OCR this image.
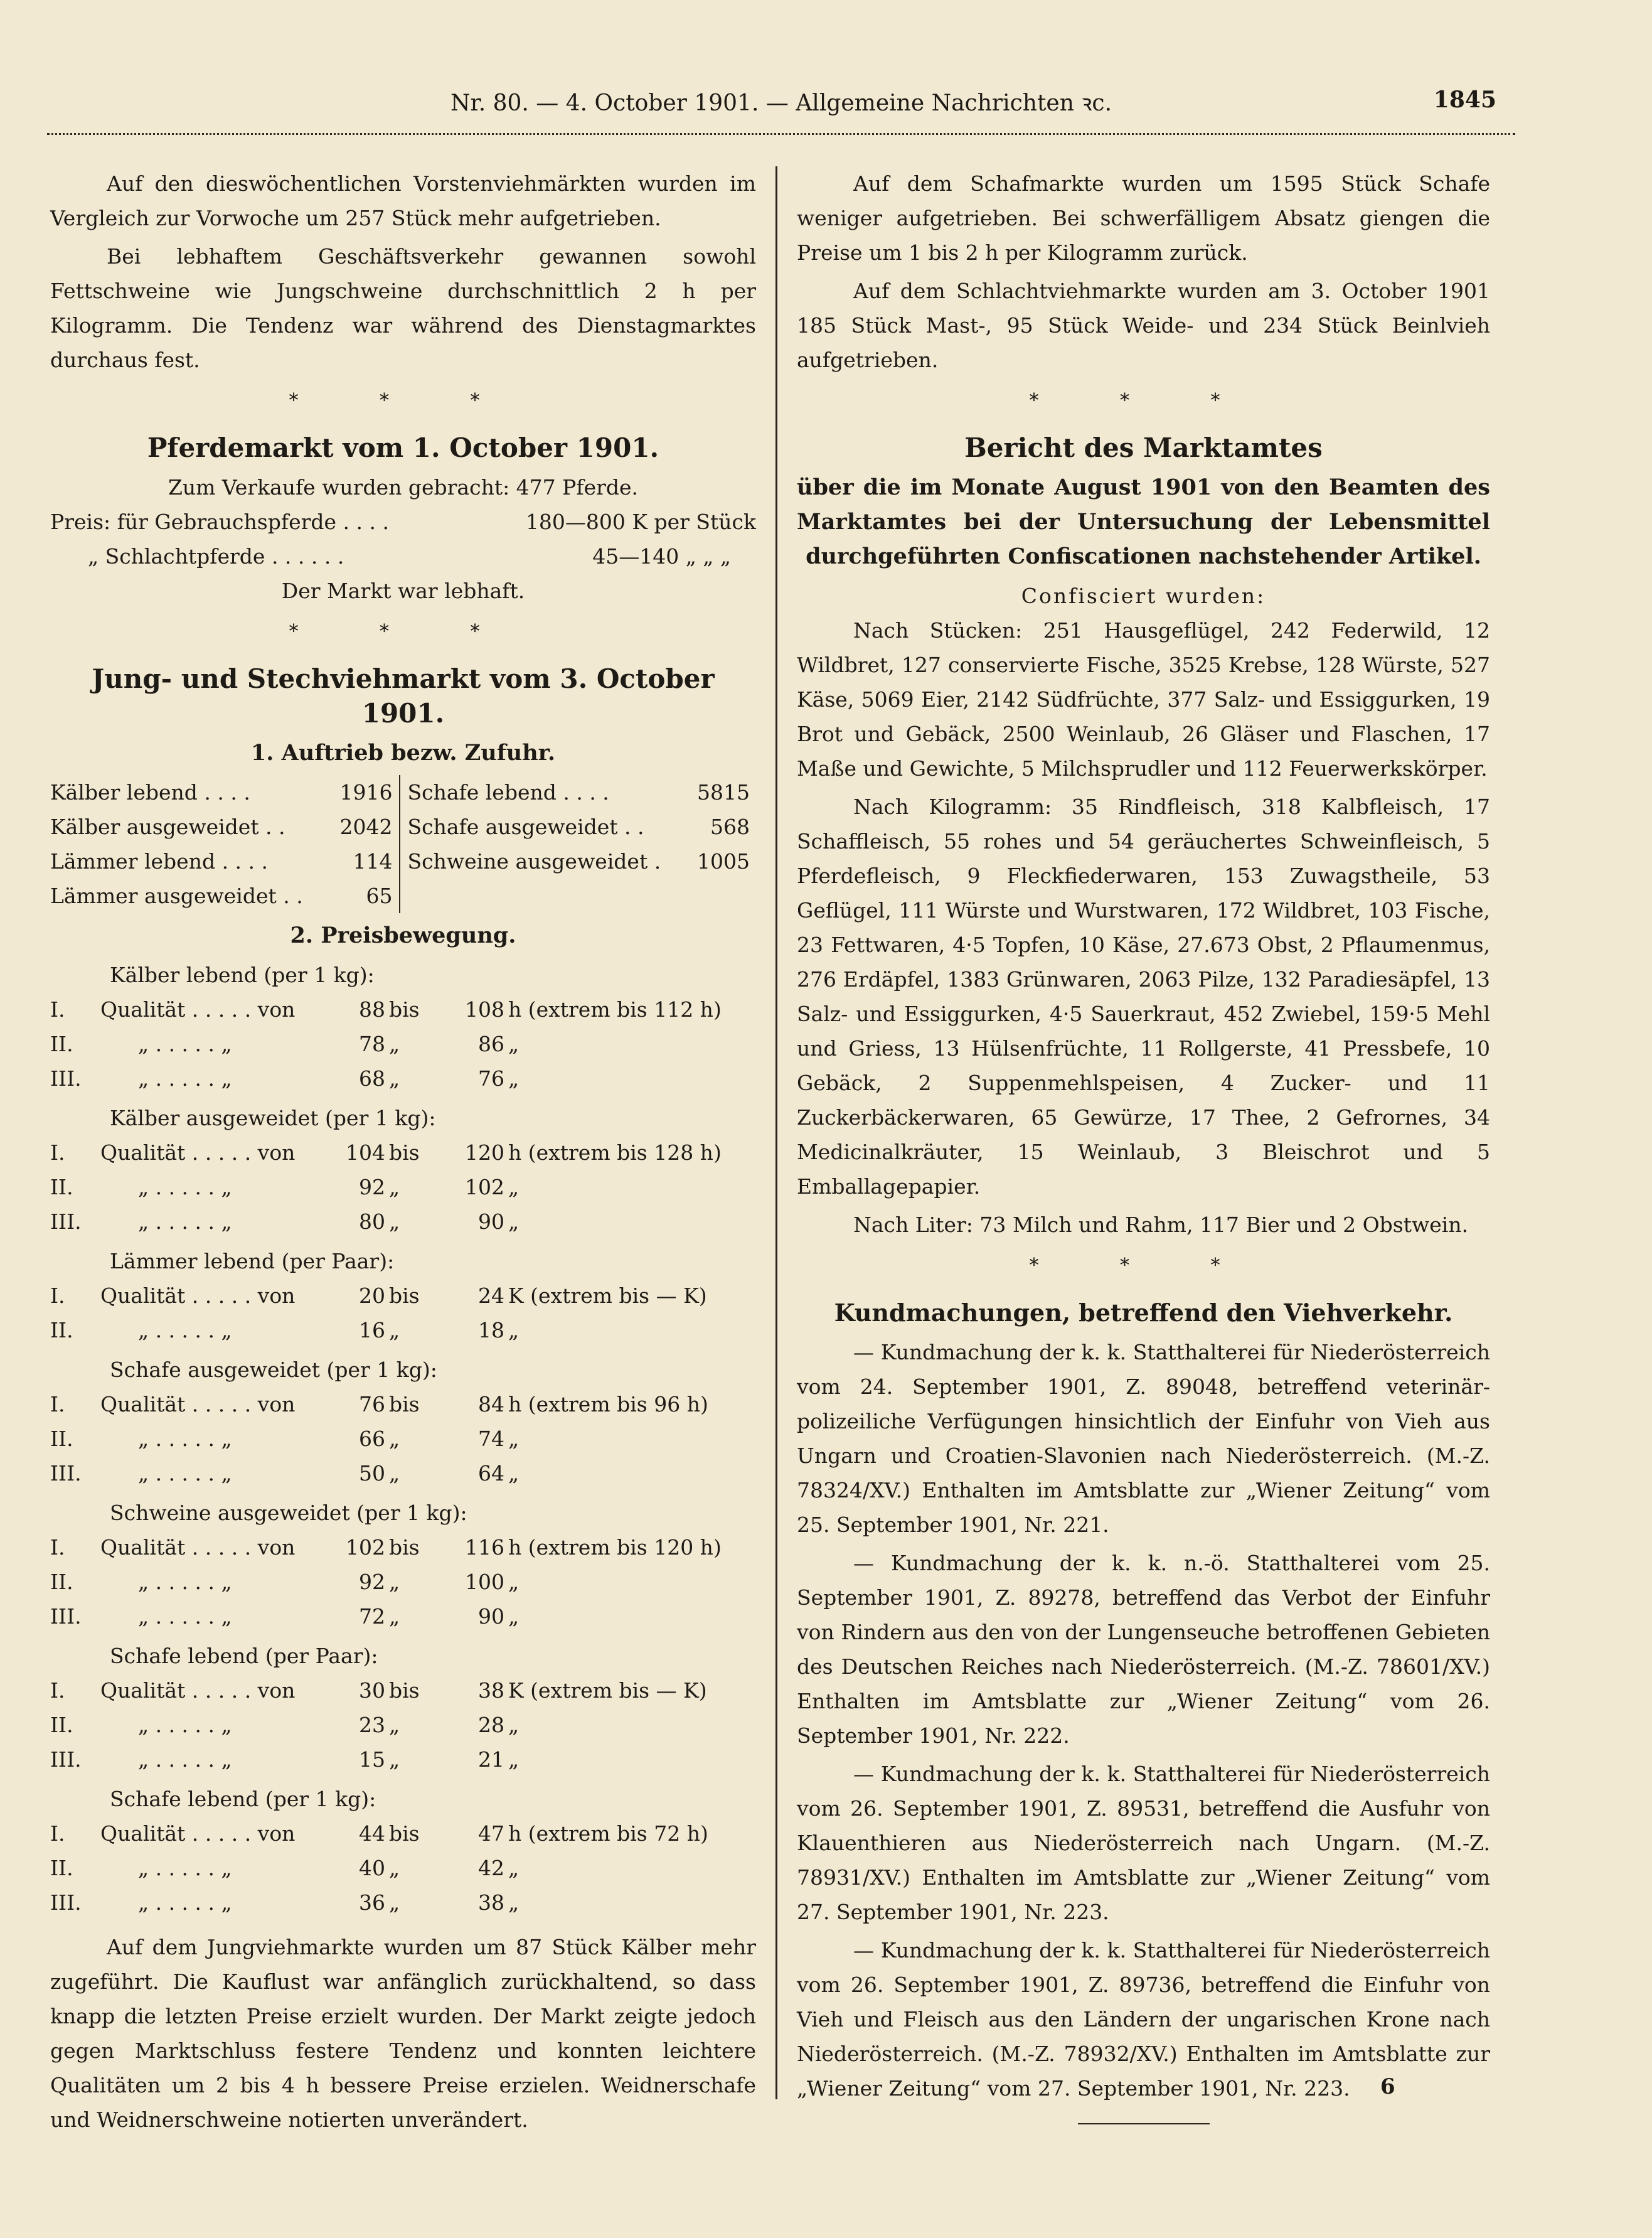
Nr. 80. — 4. October 1901. — Allgemeine Nachrichten ꝛc.	1845

Auf den dieswöchentlichen Vorstenviehmärkten wurden im Vergleich zur Vorwoche um 257 Stück mehr aufgetrieben.

Bei lebhaftem Geschäftsverkehr gewannen sowohl Fettschweine wie Jungschweine durchschnittlich 2 h per Kilogramm. Die Tendenz war während des Dienstagmarktes durchaus fest.

* * *
Pferdemarkt vom 1. October 1901.
Zum Verkaufe wurden gebracht: 477 Pferde.
Preis: für Gebrauchspferde . . . .	180—800 K per Stück
„ Schlachtpferde . . . . . .	45—140 „ „ „
Der Markt war lebhaft.
* * *
Jung- und Stechviehmarkt vom 3. October 1901.
1. Auftrieb bezw. Zufuhr.
Kälber lebend . . . .	1916
Kälber ausgeweidet . .	2042
Lämmer lebend . . . .	114
Lämmer ausgeweidet . .	65
Schafe lebend . . . .	5815
Schafe ausgeweidet . .	568
Schweine ausgeweidet . 1005
2. Preisbewegung.
Kälber lebend (per 1 kg):
I.	Qualität . . . . . von	88 bis	108 h (extrem bis 112 h)
II.	„ . . . . . „	78 „	86 „
III.	„ . . . . . „	68 „	76 „
Kälber ausgeweidet (per 1 kg):
I.	Qualität . . . . . von	104 bis	120 h (extrem bis 128 h)
II.	„ . . . . . „	92 „	102 „
III.	„ . . . . . „	80 „	90 „
Lämmer lebend (per Paar):
I.	Qualität . . . . . von	20 bis	24 K (extrem bis — K)
II.	„ . . . . . „	16 „	18 „
Schafe ausgeweidet (per 1 kg):
I.	Qualität . . . . . von	76 bis	84 h (extrem bis 96 h)
II.	„ . . . . . „	66 „	74 „
III.	„ . . . . . „	50 „	64 „
Schweine ausgeweidet (per 1 kg):
I.	Qualität . . . . . von	102 bis	116 h (extrem bis 120 h)
II.	„ . . . . . „	92 „	100 „
III.	„ . . . . . „	72 „	90 „
Schafe lebend (per Paar):
I.	Qualität . . . . . von	30 bis	38 K (extrem bis — K)
II.	„ . . . . . „	23 „	28 „
III.	„ . . . . . „	15 „	21 „
Schafe lebend (per 1 kg):
I.	Qualität . . . . . von	44 bis	47 h (extrem bis 72 h)
II.	„ . . . . . „	40 „	42 „
III.	„ . . . . . „	36 „	38 „

Auf dem Jungviehmarkte wurden um 87 Stück Kälber mehr zugeführt. Die Kauflust war anfänglich zurückhaltend, so dass knapp die letzten Preise erzielt wurden. Der Markt zeigte jedoch gegen Marktschluss festere Tendenz und konnten leichtere Qualitäten um 2 bis 4 h bessere Preise erzielen. Weidnerschafe und Weidnerschweine notierten unverändert.

Auf dem Schafmarkte wurden um 1595 Stück Schafe weniger aufgetrieben. Bei schwerfälligem Absatz giengen die Preise um 1 bis 2 h per Kilogramm zurück.

Auf dem Schlachtviehmarkte wurden am 3. October 1901 185 Stück Mast-, 95 Stück Weide- und 234 Stück Beinlvieh aufgetrieben.

* * *
Bericht des Marktamtes
über die im Monate August 1901 von den Beamten des Marktamtes bei der Untersuchung der Lebensmittel durchgeführten Confiscationen nachstehender Artikel.
Confisciert wurden:

Nach Stücken: 251 Hausgeflügel, 242 Federwild, 12 Wildbret, 127 conservierte Fische, 3525 Krebse, 128 Würste, 527 Käse, 5069 Eier, 2142 Südfrüchte, 377 Salz- und Essiggurken, 19 Brot und Gebäck, 2500 Weinlaub, 26 Gläser und Flaschen, 17 Maße und Gewichte, 5 Milchsprudler und 112 Feuerwerkskörper.

Nach Kilogramm: 35 Rindfleisch, 318 Kalbfleisch, 17 Schaffleisch, 55 rohes und 54 geräuchertes Schweinfleisch, 5 Pferdefleisch, 9 Fleckfiederwaren, 153 Zuwagstheile, 53 Geflügel, 111 Würste und Wurstwaren, 172 Wildbret, 103 Fische, 23 Fettwaren, 4·5 Topfen, 10 Käse, 27.673 Obst, 2 Pflaumenmus, 276 Erdäpfel, 1383 Grünwaren, 2063 Pilze, 132 Paradiesäpfel, 13 Salz- und Essiggurken, 4·5 Sauerkraut, 452 Zwiebel, 159·5 Mehl und Griess, 13 Hülsenfrüchte, 11 Rollgerste, 41 Pressbefe, 10 Gebäck, 2 Suppenmehlspeisen, 4 Zucker- und 11 Zuckerbäckerwaren, 65 Gewürze, 17 Thee, 2 Gefrornes, 34 Medicinalkräuter, 15 Weinlaub, 3 Bleischrot und 5 Emballagepapier.

Nach Liter: 73 Milch und Rahm, 117 Bier und 2 Obstwein.

* * *
Kundmachungen, betreffend den Viehverkehr.

— Kundmachung der k. k. Statthalterei für Niederösterreich vom 24. September 1901, Z. 89048, betreffend veterinär-polizeiliche Verfügungen hinsichtlich der Einfuhr von Vieh aus Ungarn und Croatien-Slavonien nach Niederösterreich. (M.-Z. 78324/XV.) Enthalten im Amtsblatte zur „Wiener Zeitung“ vom 25. September 1901, Nr. 221.

— Kundmachung der k. k. n.-ö. Statthalterei vom 25. September 1901, Z. 89278, betreffend das Verbot der Einfuhr von Rindern aus den von der Lungenseuche betroffenen Gebieten des Deutschen Reiches nach Niederösterreich. (M.-Z. 78601/XV.) Enthalten im Amtsblatte zur „Wiener Zeitung“ vom 26. September 1901, Nr. 222.

— Kundmachung der k. k. Statthalterei für Niederösterreich vom 26. September 1901, Z. 89531, betreffend die Ausfuhr von Klauenthieren aus Niederösterreich nach Ungarn. (M.-Z. 78931/XV.) Enthalten im Amtsblatte zur „Wiener Zeitung“ vom 27. September 1901, Nr. 223.

— Kundmachung der k. k. Statthalterei für Niederösterreich vom 26. September 1901, Z. 89736, betreffend die Einfuhr von Vieh und Fleisch aus den Ländern der ungarischen Krone nach Niederösterreich. (M.-Z. 78932/XV.) Enthalten im Amtsblatte zur „Wiener Zeitung“ vom 27. September 1901, Nr. 223.	6
